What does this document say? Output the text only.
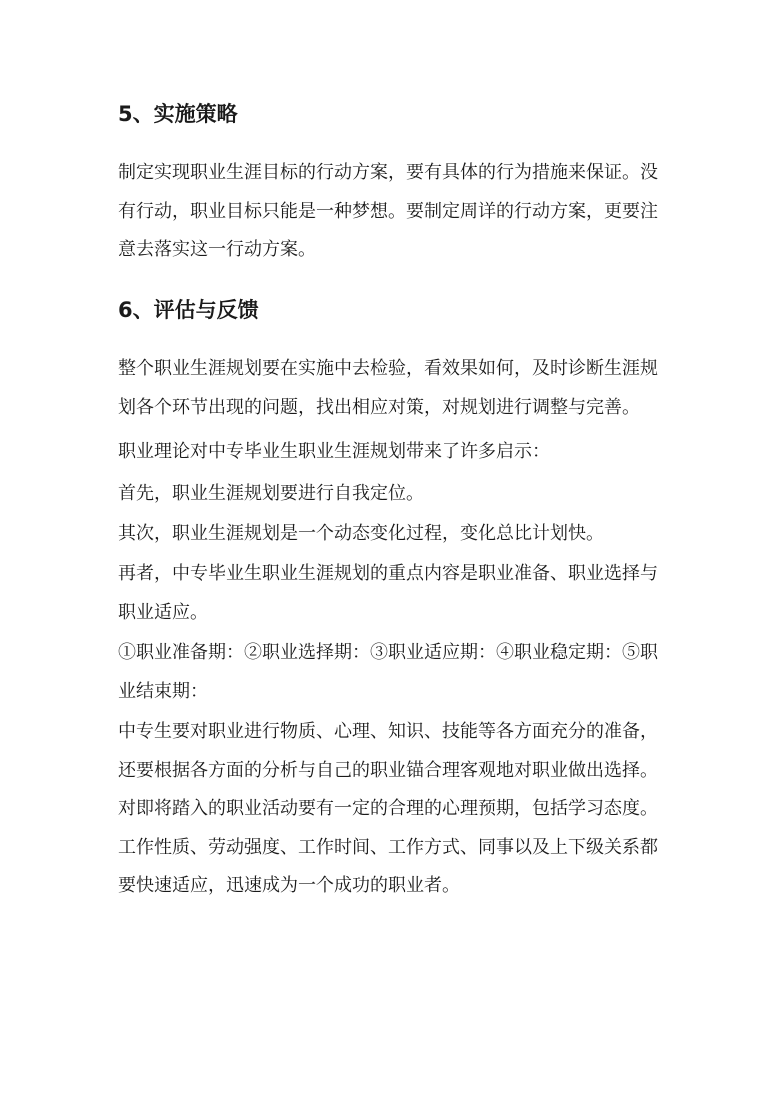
5、实施策略

制定实现职业生涯目标的行动方案，要有具体的行为措施来保证。没有行动，职业目标只能是一种梦想。要制定周详的行动方案，更要注意去落实这一行动方案。

6、评估与反馈

整个职业生涯规划要在实施中去检验，看效果如何，及时诊断生涯规划各个环节出现的问题，找出相应对策，对规划进行调整与完善。

职业理论对中专毕业生职业生涯规划带来了许多启示：

首先，职业生涯规划要进行自我定位。

其次，职业生涯规划是一个动态变化过程，变化总比计划快。

再者，中专毕业生职业生涯规划的重点内容是职业准备、职业选择与职业适应。

①职业准备期：②职业选择期：③职业适应期：④职业稳定期：⑤职业结束期：

中专生要对职业进行物质、心理、知识、技能等各方面充分的准备，还要根据各方面的分析与自己的职业锚合理客观地对职业做出选择。对即将踏入的职业活动要有一定的合理的心理预期，包括学习态度。工作性质、劳动强度、工作时间、工作方式、同事以及上下级关系都要快速适应，迅速成为一个成功的职业者。
